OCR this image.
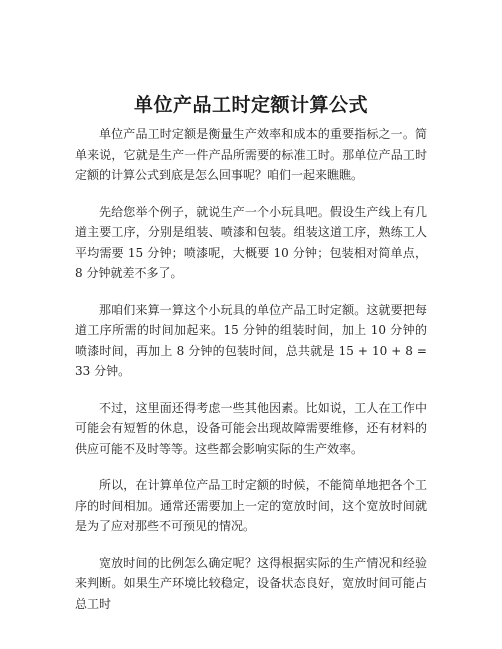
单位产品工时定额计算公式

单位产品工时定额是衡量生产效率和成本的重要指标之一。简单来说，它就是生产一件产品所需要的标准工时。那单位产品工时定额的计算公式到底是怎么回事呢？咱们一起来瞧瞧。

先给您举个例子，就说生产一个小玩具吧。假设生产线上有几道主要工序，分别是组装、喷漆和包装。组装这道工序，熟练工人平均需要 15 分钟；喷漆呢，大概要 10 分钟；包装相对简单点，8 分钟就差不多了。

那咱们来算一算这个小玩具的单位产品工时定额。这就要把每道工序所需的时间加起来。15 分钟的组装时间，加上 10 分钟的喷漆时间，再加上 8 分钟的包装时间，总共就是 15 + 10 + 8 = 33 分钟。

不过，这里面还得考虑一些其他因素。比如说，工人在工作中可能会有短暂的休息，设备可能会出现故障需要维修，还有材料的供应可能不及时等等。这些都会影响实际的生产效率。

所以，在计算单位产品工时定额的时候，不能简单地把各个工序的时间相加。通常还需要加上一定的宽放时间，这个宽放时间就是为了应对那些不可预见的情况。

宽放时间的比例怎么确定呢？这得根据实际的生产情况和经验来判断。如果生产环境比较稳定，设备状态良好，宽放时间可能占总工时
